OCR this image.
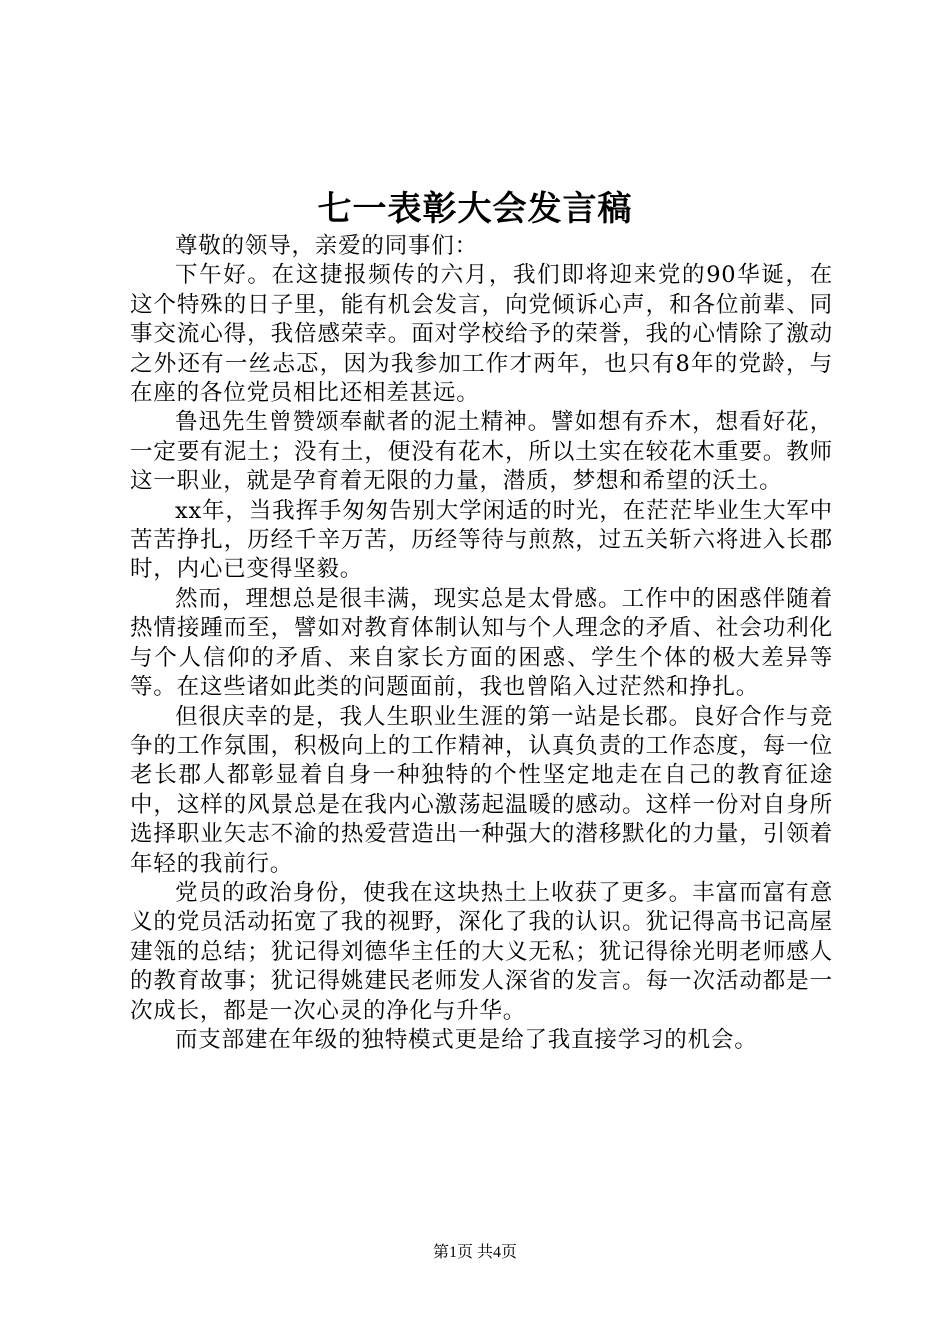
七一表彰大会发言稿

尊敬的领导，亲爱的同事们：

下午好。在这捷报频传的六月，我们即将迎来党的90华诞，在这个特殊的日子里，能有机会发言，向党倾诉心声，和各位前辈、同事交流心得，我倍感荣幸。面对学校给予的荣誉，我的心情除了激动之外还有一丝忐忑，因为我参加工作才两年，也只有8年的党龄，与在座的各位党员相比还相差甚远。

鲁迅先生曾赞颂奉献者的泥土精神。譬如想有乔木，想看好花，一定要有泥土；没有土，便没有花木，所以土实在较花木重要。教师这一职业，就是孕育着无限的力量，潜质，梦想和希望的沃土。

xx年，当我挥手匆匆告别大学闲适的时光，在茫茫毕业生大军中苦苦挣扎，历经千辛万苦，历经等待与煎熬，过五关斩六将进入长郡时，内心已变得坚毅。

然而，理想总是很丰满，现实总是太骨感。工作中的困惑伴随着热情接踵而至，譬如对教育体制认知与个人理念的矛盾、社会功利化与个人信仰的矛盾、来自家长方面的困惑、学生个体的极大差异等等。在这些诸如此类的问题面前，我也曾陷入过茫然和挣扎。

但很庆幸的是，我人生职业生涯的第一站是长郡。良好合作与竞争的工作氛围，积极向上的工作精神，认真负责的工作态度，每一位老长郡人都彰显着自身一种独特的个性坚定地走在自己的教育征途中，这样的风景总是在我内心激荡起温暖的感动。这样一份对自身所选择职业矢志不渝的热爱营造出一种强大的潜移默化的力量，引领着年轻的我前行。

党员的政治身份，使我在这块热土上收获了更多。丰富而富有意义的党员活动拓宽了我的视野，深化了我的认识。犹记得高书记高屋建瓴的总结；犹记得刘德华主任的大义无私；犹记得徐光明老师感人的教育故事；犹记得姚建民老师发人深省的发言。每一次活动都是一次成长，都是一次心灵的净化与升华。

而支部建在年级的独特模式更是给了我直接学习的机会。

第1页 共4页
